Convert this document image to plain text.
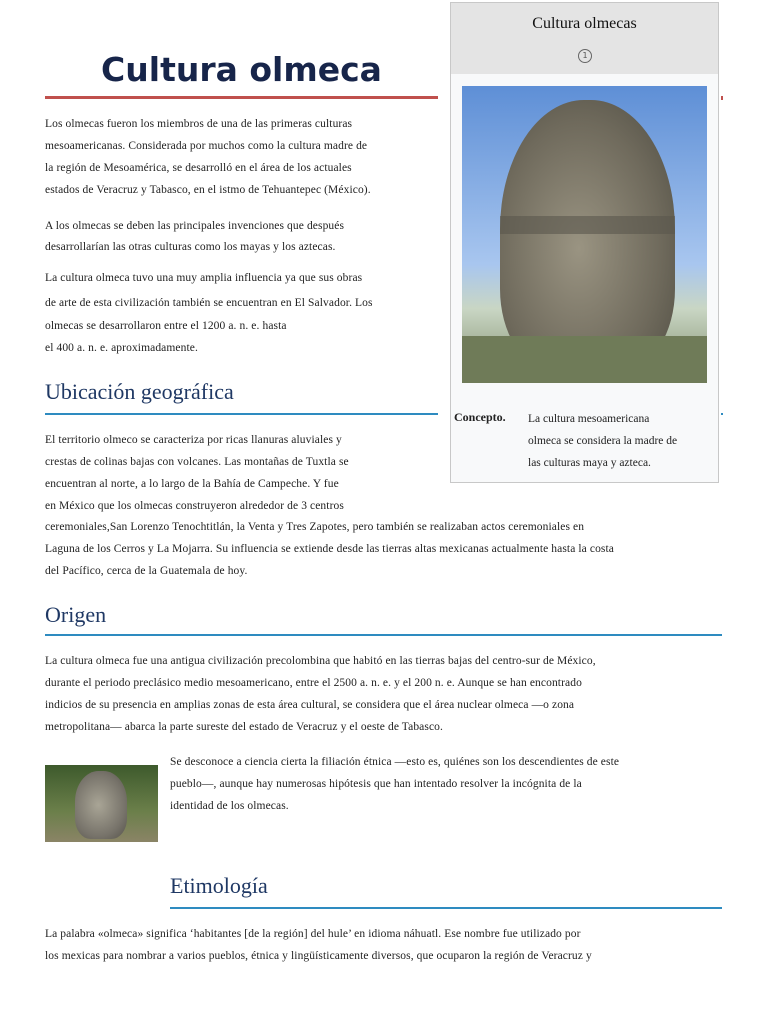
Cultura olmeca
Los olmecas fueron los miembros de una de las primeras culturas
mesoamericanas. Considerada por muchos como la cultura madre de
la región de Mesoamérica, se desarrolló en el área de los actuales
estados de Veracruz y Tabasco, en el istmo de Tehuantepec (México).
A los olmecas se deben las principales invenciones que después
desarrollarían las otras culturas como los mayas y los aztecas.
La cultura olmeca tuvo una muy amplia influencia ya que sus obras
de arte de esta civilización también se encuentran en El Salvador. Los
olmecas se desarrollaron entre el 1200 a. n. e. hasta
el 400 a. n. e. aproximadamente.
Cultura olmecas
1
Concepto. La cultura mesoamericana
olmeca se considera la madre de
las culturas maya y azteca.
Ubicación geográfica
El territorio olmeco se caracteriza por ricas llanuras aluviales y
crestas de colinas bajas con volcanes. Las montañas de Tuxtla se
encuentran al norte, a lo largo de la Bahía de Campeche. Y fue
en México que los olmecas construyeron alrededor de 3 centros
ceremoniales,San Lorenzo Tenochtitlán, la Venta y Tres Zapotes, pero también se realizaban actos ceremoniales en
Laguna de los Cerros y La Mojarra. Su influencia se extiende desde las tierras altas mexicanas actualmente hasta la costa
del Pacífico, cerca de la Guatemala de hoy.
Origen
La cultura olmeca fue una antigua civilización precolombina que habitó en las tierras bajas del centro-sur de México,
durante el periodo preclásico medio mesoamericano, entre el 2500 a. n. e. y el 200 n. e. Aunque se han encontrado
indicios de su presencia en amplias zonas de esta área cultural, se considera que el área nuclear olmeca —o zona
metropolitana— abarca la parte sureste del estado de Veracruz y el oeste de Tabasco.
Se desconoce a ciencia cierta la filiación étnica —esto es, quiénes son los descendientes de este
pueblo—, aunque hay numerosas hipótesis que han intentado resolver la incógnita de la
identidad de los olmecas.
Etimología
La palabra «olmeca» significa ‘habitantes [de la región] del hule’ en idioma náhuatl. Ese nombre fue utilizado por
los mexicas para nombrar a varios pueblos, étnica y lingüísticamente diversos, que ocuparon la región de Veracruz y
